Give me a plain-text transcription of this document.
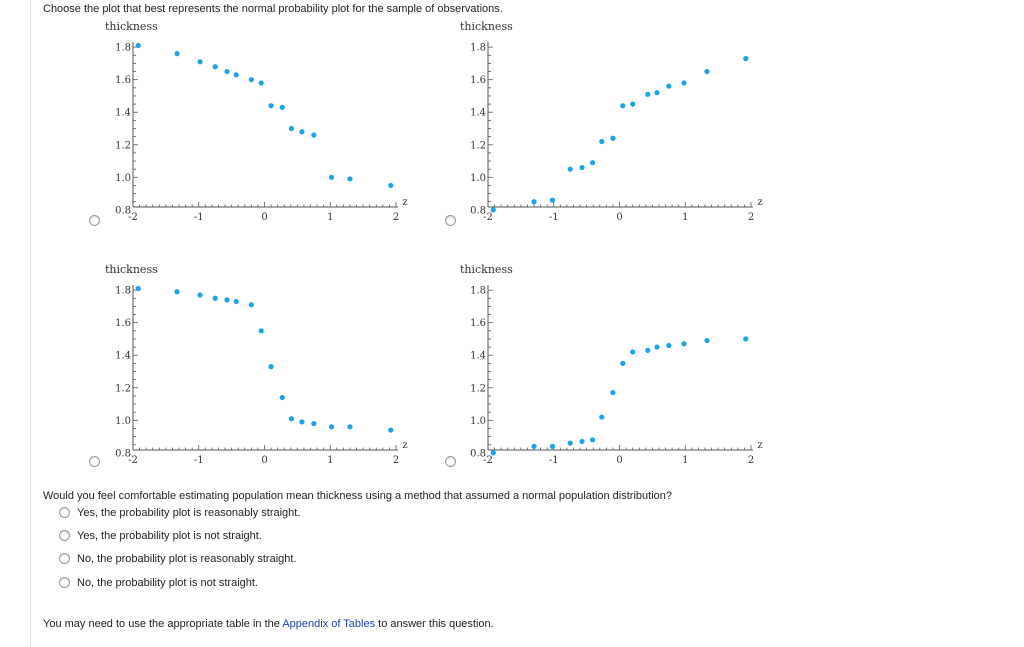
Choose the plot that best represents the normal probability plot for the sample of observations.
thickness
0.8
1.0
1.2
1.4
1.6
1.8
-2	-1	0	1	2
z
thickness
0.8
1.0
1.2
1.4
1.6
1.8
-2	-1	0	1	2
z
thickness
0.8
1.0
1.2
1.4
1.6
1.8
-2	-1	0	1	2
z
thickness
0.8
1.0
1.2
1.4
1.6
1.8
-2	-1	0	1	2
z
Would you feel comfortable estimating population mean thickness using a method that assumed a normal population distribution?
Yes, the probability plot is reasonably straight.
Yes, the probability plot is not straight.
No, the probability plot is reasonably straight.
No, the probability plot is not straight.
You may need to use the appropriate table in the Appendix of Tables to answer this question.
